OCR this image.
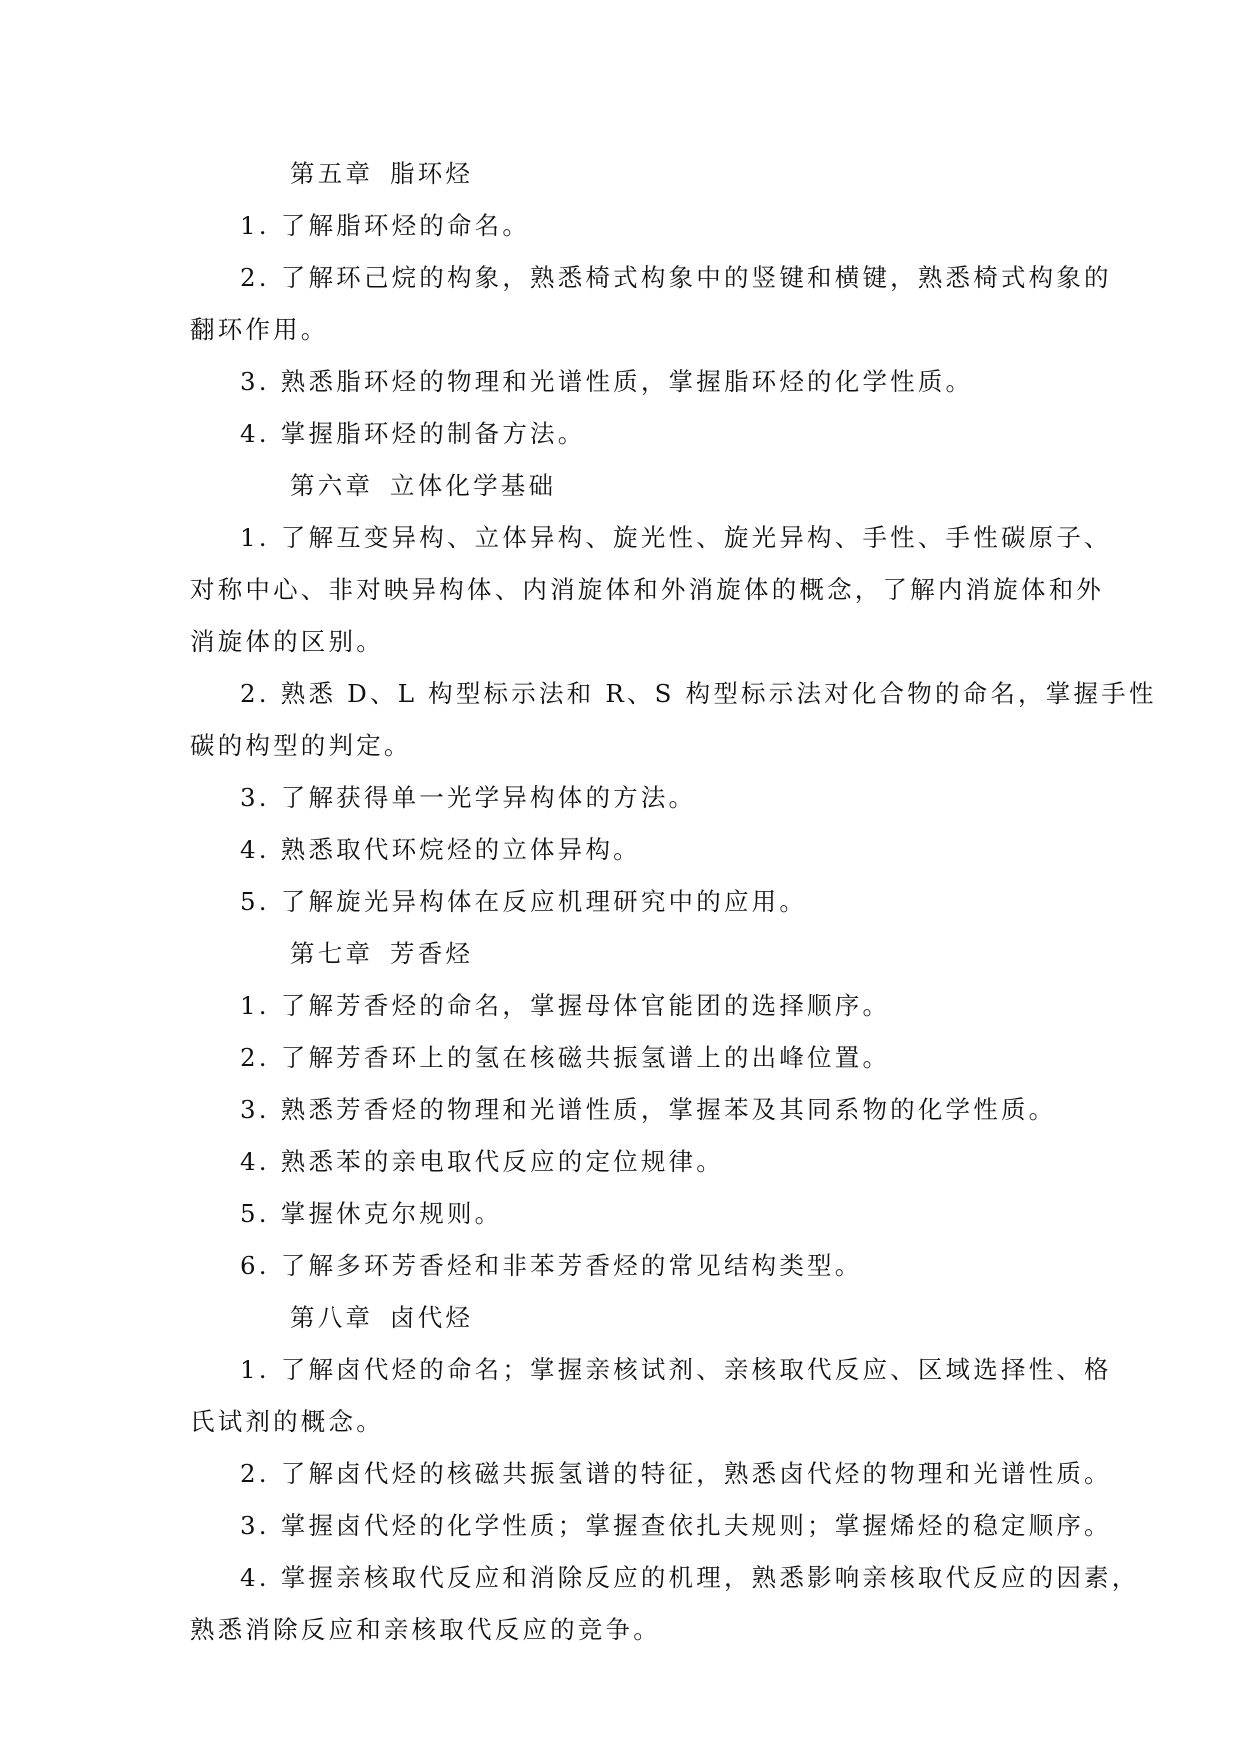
第五章 脂环烃
1. 了解脂环烃的命名。
2. 了解环己烷的构象，熟悉椅式构象中的竖键和横键，熟悉椅式构象的
翻环作用。
3. 熟悉脂环烃的物理和光谱性质，掌握脂环烃的化学性质。
4. 掌握脂环烃的制备方法。
第六章 立体化学基础
1. 了解互变异构、立体异构、旋光性、旋光异构、手性、手性碳原子、
对称中心、非对映异构体、内消旋体和外消旋体的概念，了解内消旋体和外
消旋体的区别。
2. 熟悉 D、L 构型标示法和 R、S 构型标示法对化合物的命名，掌握手性
碳的构型的判定。
3. 了解获得单一光学异构体的方法。
4. 熟悉取代环烷烃的立体异构。
5. 了解旋光异构体在反应机理研究中的应用。
第七章 芳香烃
1. 了解芳香烃的命名，掌握母体官能团的选择顺序。
2. 了解芳香环上的氢在核磁共振氢谱上的出峰位置。
3. 熟悉芳香烃的物理和光谱性质，掌握苯及其同系物的化学性质。
4. 熟悉苯的亲电取代反应的定位规律。
5. 掌握休克尔规则。
6. 了解多环芳香烃和非苯芳香烃的常见结构类型。
第八章 卤代烃
1. 了解卤代烃的命名；掌握亲核试剂、亲核取代反应、区域选择性、格
氏试剂的概念。
2. 了解卤代烃的核磁共振氢谱的特征，熟悉卤代烃的物理和光谱性质。
3. 掌握卤代烃的化学性质；掌握查依扎夫规则；掌握烯烃的稳定顺序。
4. 掌握亲核取代反应和消除反应的机理，熟悉影响亲核取代反应的因素，
熟悉消除反应和亲核取代反应的竞争。
